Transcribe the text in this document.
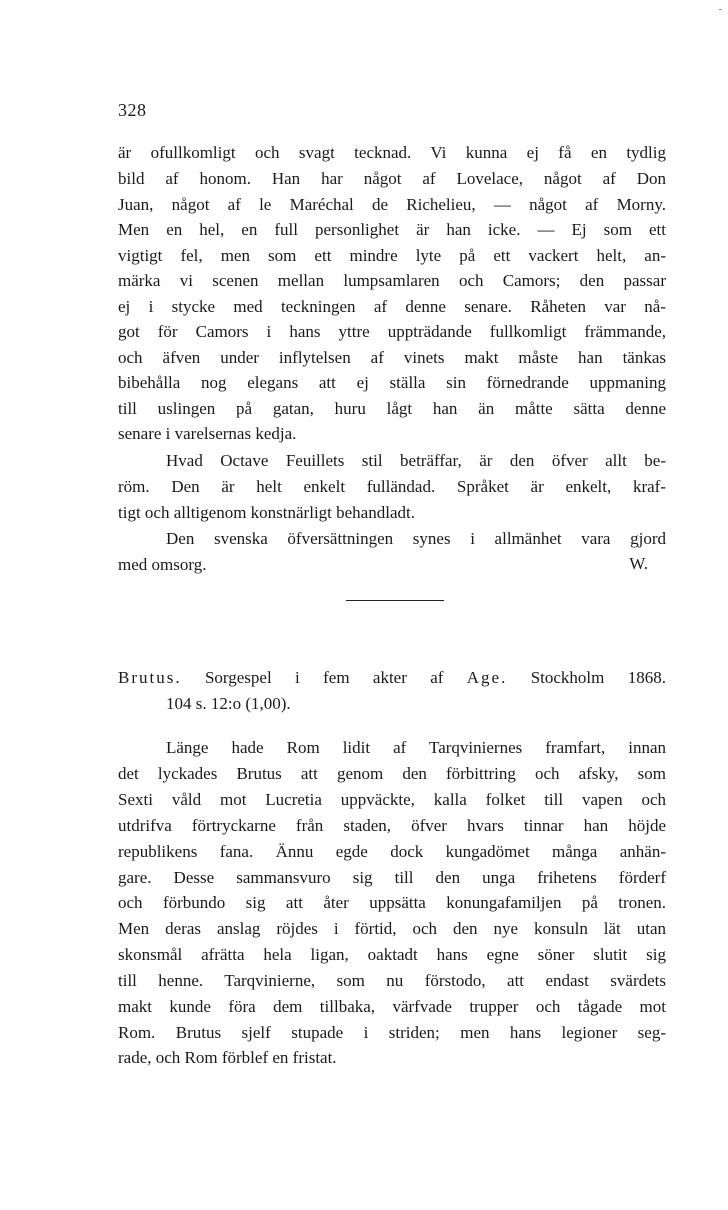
-
328
är ofullkomligt och svagt tecknad. Vi kunna ej få en tydlig
bild af honom. Han har något af Lovelace, något af Don
Juan, något af le Maréchal de Richelieu, — något af Morny.
Men en hel, en full personlighet är han icke. — Ej som ett
vigtigt fel, men som ett mindre lyte på ett vackert helt, an-
märka vi scenen mellan lumpsamlaren och Camors; den passar
ej i stycke med teckningen af denne senare. Råheten var nå-
got för Camors i hans yttre uppträdande fullkomligt främmande,
och äfven under inflytelsen af vinets makt måste han tänkas
bibehålla nog elegans att ej ställa sin förnedrande uppmaning
till uslingen på gatan, huru lågt han än måtte sätta denne
senare i varelsernas kedja.
Hvad Octave Feuillets stil beträffar, är den öfver allt be-
röm. Den är helt enkelt fulländad. Språket är enkelt, kraf-
tigt och alltigenom konstnärligt behandladt.
Den svenska öfversättningen synes i allmänhet vara gjord
med omsorg.	W.
Brutus. Sorgespel i fem akter af Age. Stockholm 1868.
104 s. 12:o (1,00).
Länge hade Rom lidit af Tarqviniernes framfart, innan
det lyckades Brutus att genom den förbittring och afsky, som
Sexti våld mot Lucretia uppväckte, kalla folket till vapen och
utdrifva förtryckarne från staden, öfver hvars tinnar han höjde
republikens fana. Ännu egde dock kungadömet många anhän-
gare. Desse sammansvuro sig till den unga frihetens förderf
och förbundo sig att åter uppsätta konungafamiljen på tronen.
Men deras anslag röjdes i förtid, och den nye konsuln lät utan
skonsmål afrätta hela ligan, oaktadt hans egne söner slutit sig
till henne. Tarqvinierne, som nu förstodo, att endast svärdets
makt kunde föra dem tillbaka, värfvade trupper och tågade mot
Rom. Brutus sjelf stupade i striden; men hans legioner seg-
rade, och Rom förblef en fristat.
